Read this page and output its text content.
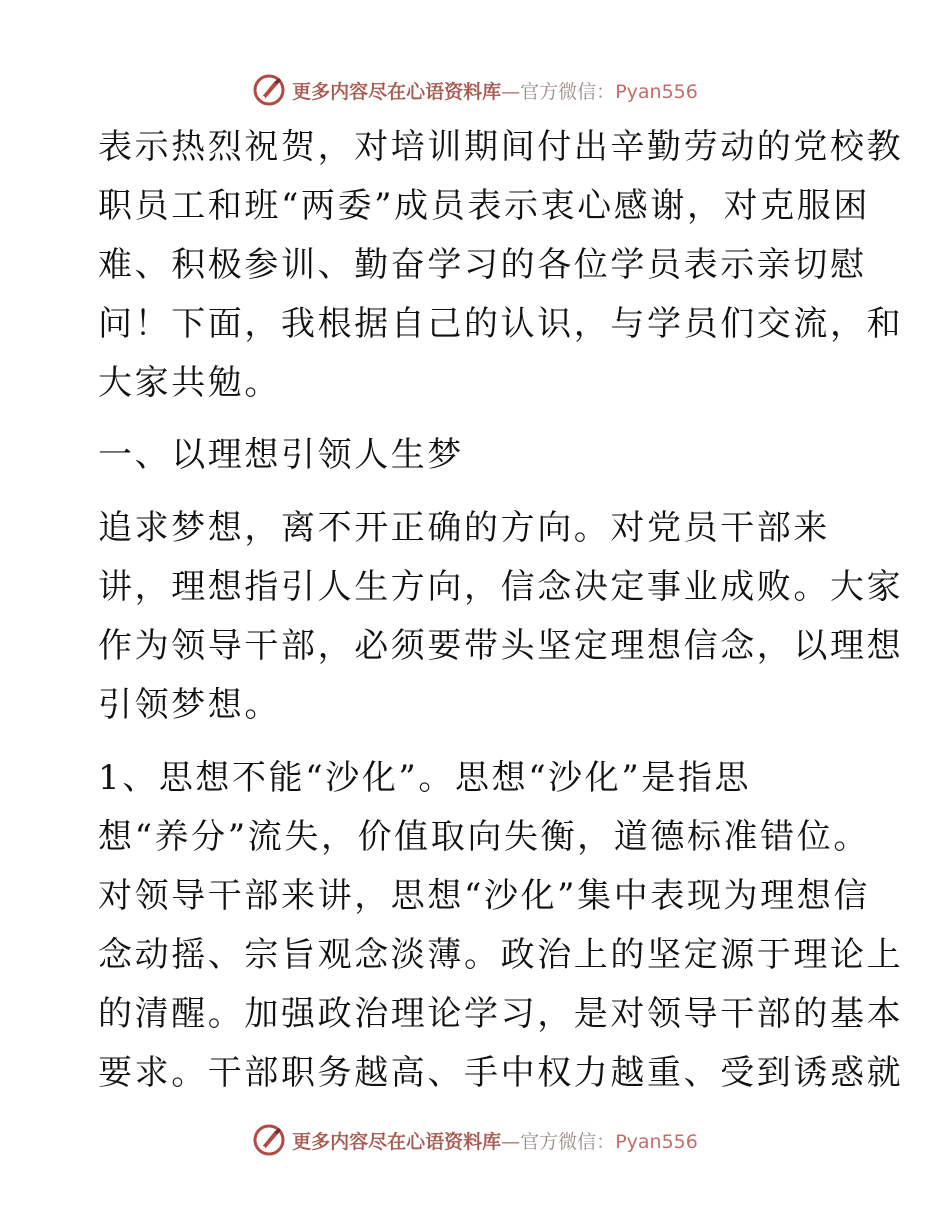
更多内容尽在心语资料库—官方微信：Pyan556
表示热烈祝贺，对培训期间付出辛勤劳动的党校教
职员工和班“两委”成员表示衷心感谢，对克服困
难、积极参训、勤奋学习的各位学员表示亲切慰
问！下面，我根据自己的认识，与学员们交流，和
大家共勉。
一、以理想引领人生梦
追求梦想，离不开正确的方向。对党员干部来
讲，理想指引人生方向，信念决定事业成败。大家
作为领导干部，必须要带头坚定理想信念，以理想
引领梦想。
1、思想不能“沙化”。思想“沙化”是指思
想“养分”流失，价值取向失衡，道德标准错位。
对领导干部来讲，思想“沙化”集中表现为理想信
念动摇、宗旨观念淡薄。政治上的坚定源于理论上
的清醒。加强政治理论学习，是对领导干部的基本
要求。干部职务越高、手中权力越重、受到诱惑就
更多内容尽在心语资料库—官方微信：Pyan556
